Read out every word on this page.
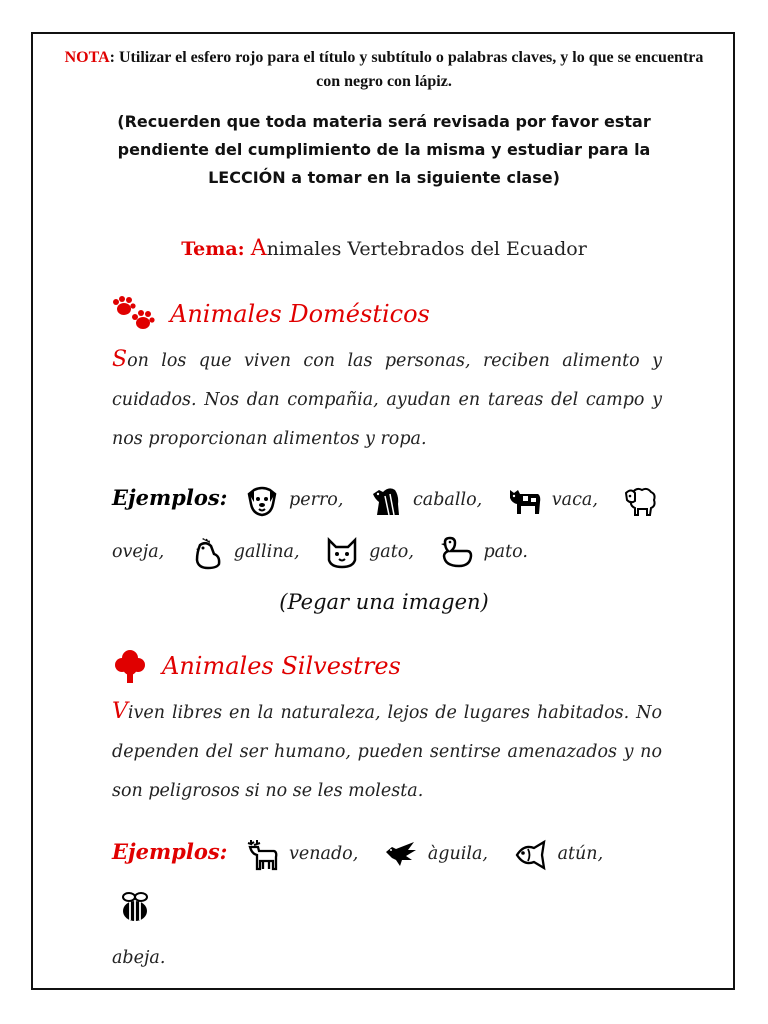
NOTA: Utilizar el esfero rojo para el título y subtítulo o palabras claves, y lo que se encuentra con negro con lápiz.
(Recuerden que toda materia será revisada por favor estar pendiente del cumplimiento de la misma y estudiar para la LECCIÓN a tomar en la siguiente clase)
Tema: Animales Vertebrados del Ecuador
Animales Domésticos
Son los que viven con las personas, reciben alimento y cuidados. Nos dan compañia, ayudan en tareas del campo y nos proporcionan alimentos y ropa.
Ejemplos:	perro,	caballo,	vaca,

oveja,	gallina,	gato,	pato.
(Pegar una imagen)
Animales Silvestres
Viven libres en la naturaleza, lejos de lugares habitados. No dependen del ser humano, pueden sentirse amenazados y no son peligrosos si no se les molesta.
Ejemplos:	venado,	àguila,	atún,

abeja.
